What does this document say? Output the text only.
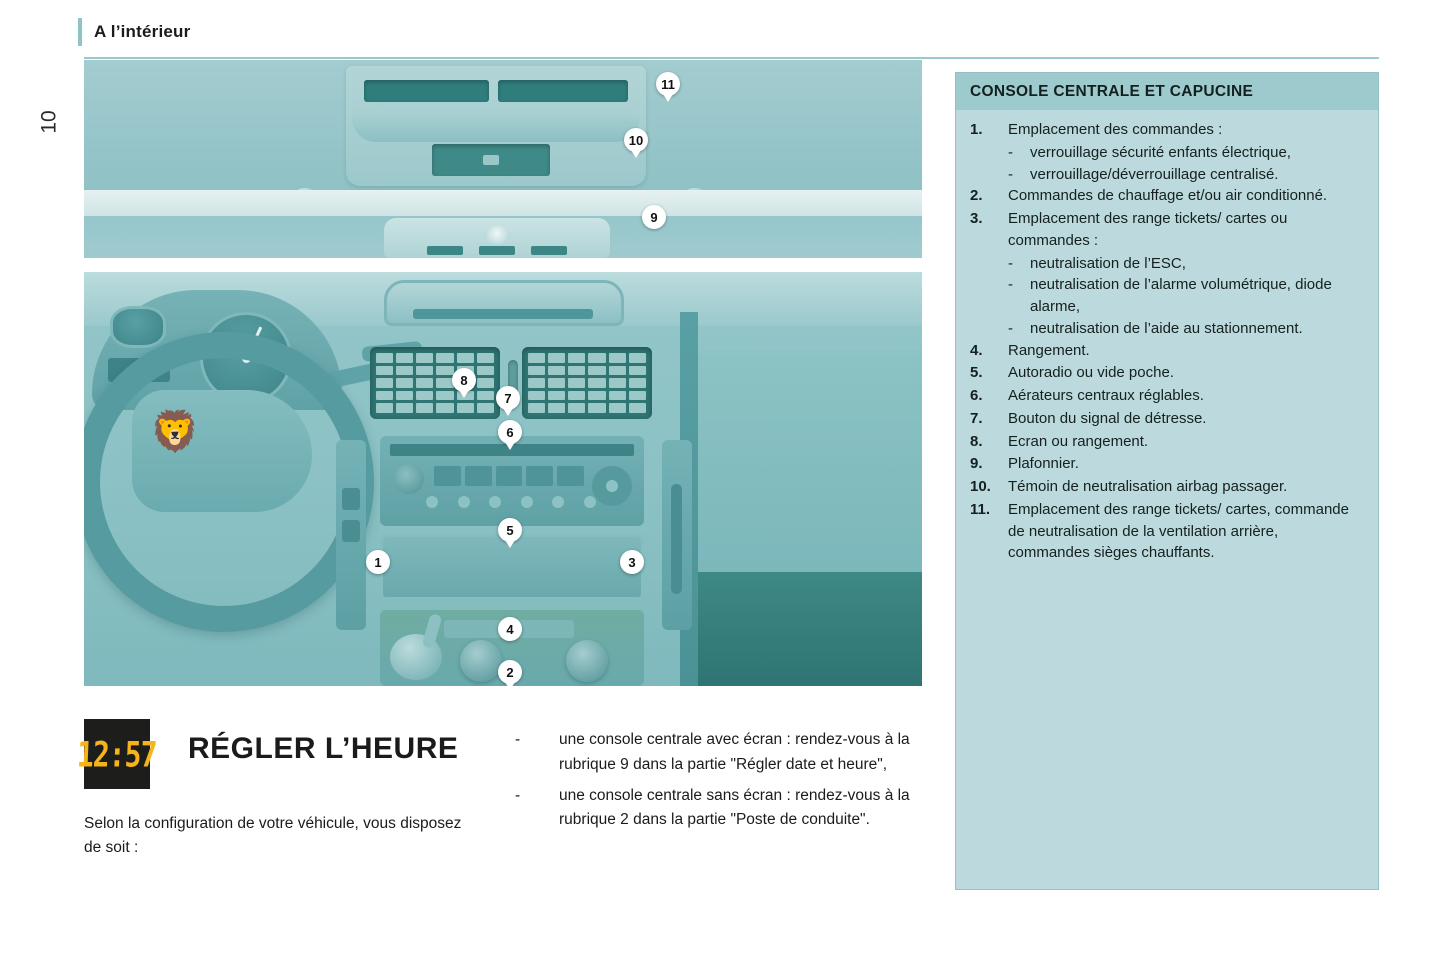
A l’intérieur
10
11
10
9
🦁
8
7
6
5
1	3
4
2
CONSOLE CENTRALE ET CAPUCINE
1.	Emplacement des commandes :
-	verrouillage sécurité enfants électrique,
-	verrouillage/déverrouillage centralisé.
2.	Commandes de chauffage et/ou air conditionné.
3.	Emplacement des range tickets/ cartes ou commandes :
-	neutralisation de l’ESC,
-	neutralisation de l’alarme volumétrique, diode alarme,
-	neutralisation de l’aide au stationnement.
4.	Rangement.
5.	Autoradio ou vide poche.
6.	Aérateurs centraux réglables.
7.	Bouton du signal de détresse.
8.	Ecran ou rangement.
9.	Plafonnier.
10.	Témoin de neutralisation airbag passager.
11.	Emplacement des range tickets/ cartes, commande de neutralisation de la ventilation arrière, commandes sièges chauffants.
12:57 RÉGLER L’HEURE
Selon la configuration de votre véhicule, vous disposez de soit :
-	une console centrale avec écran : rendez-vous à la rubrique 9 dans la partie "Régler date et heure",
-	une console centrale sans écran : rendez-vous à la rubrique 2 dans la partie "Poste de conduite".
